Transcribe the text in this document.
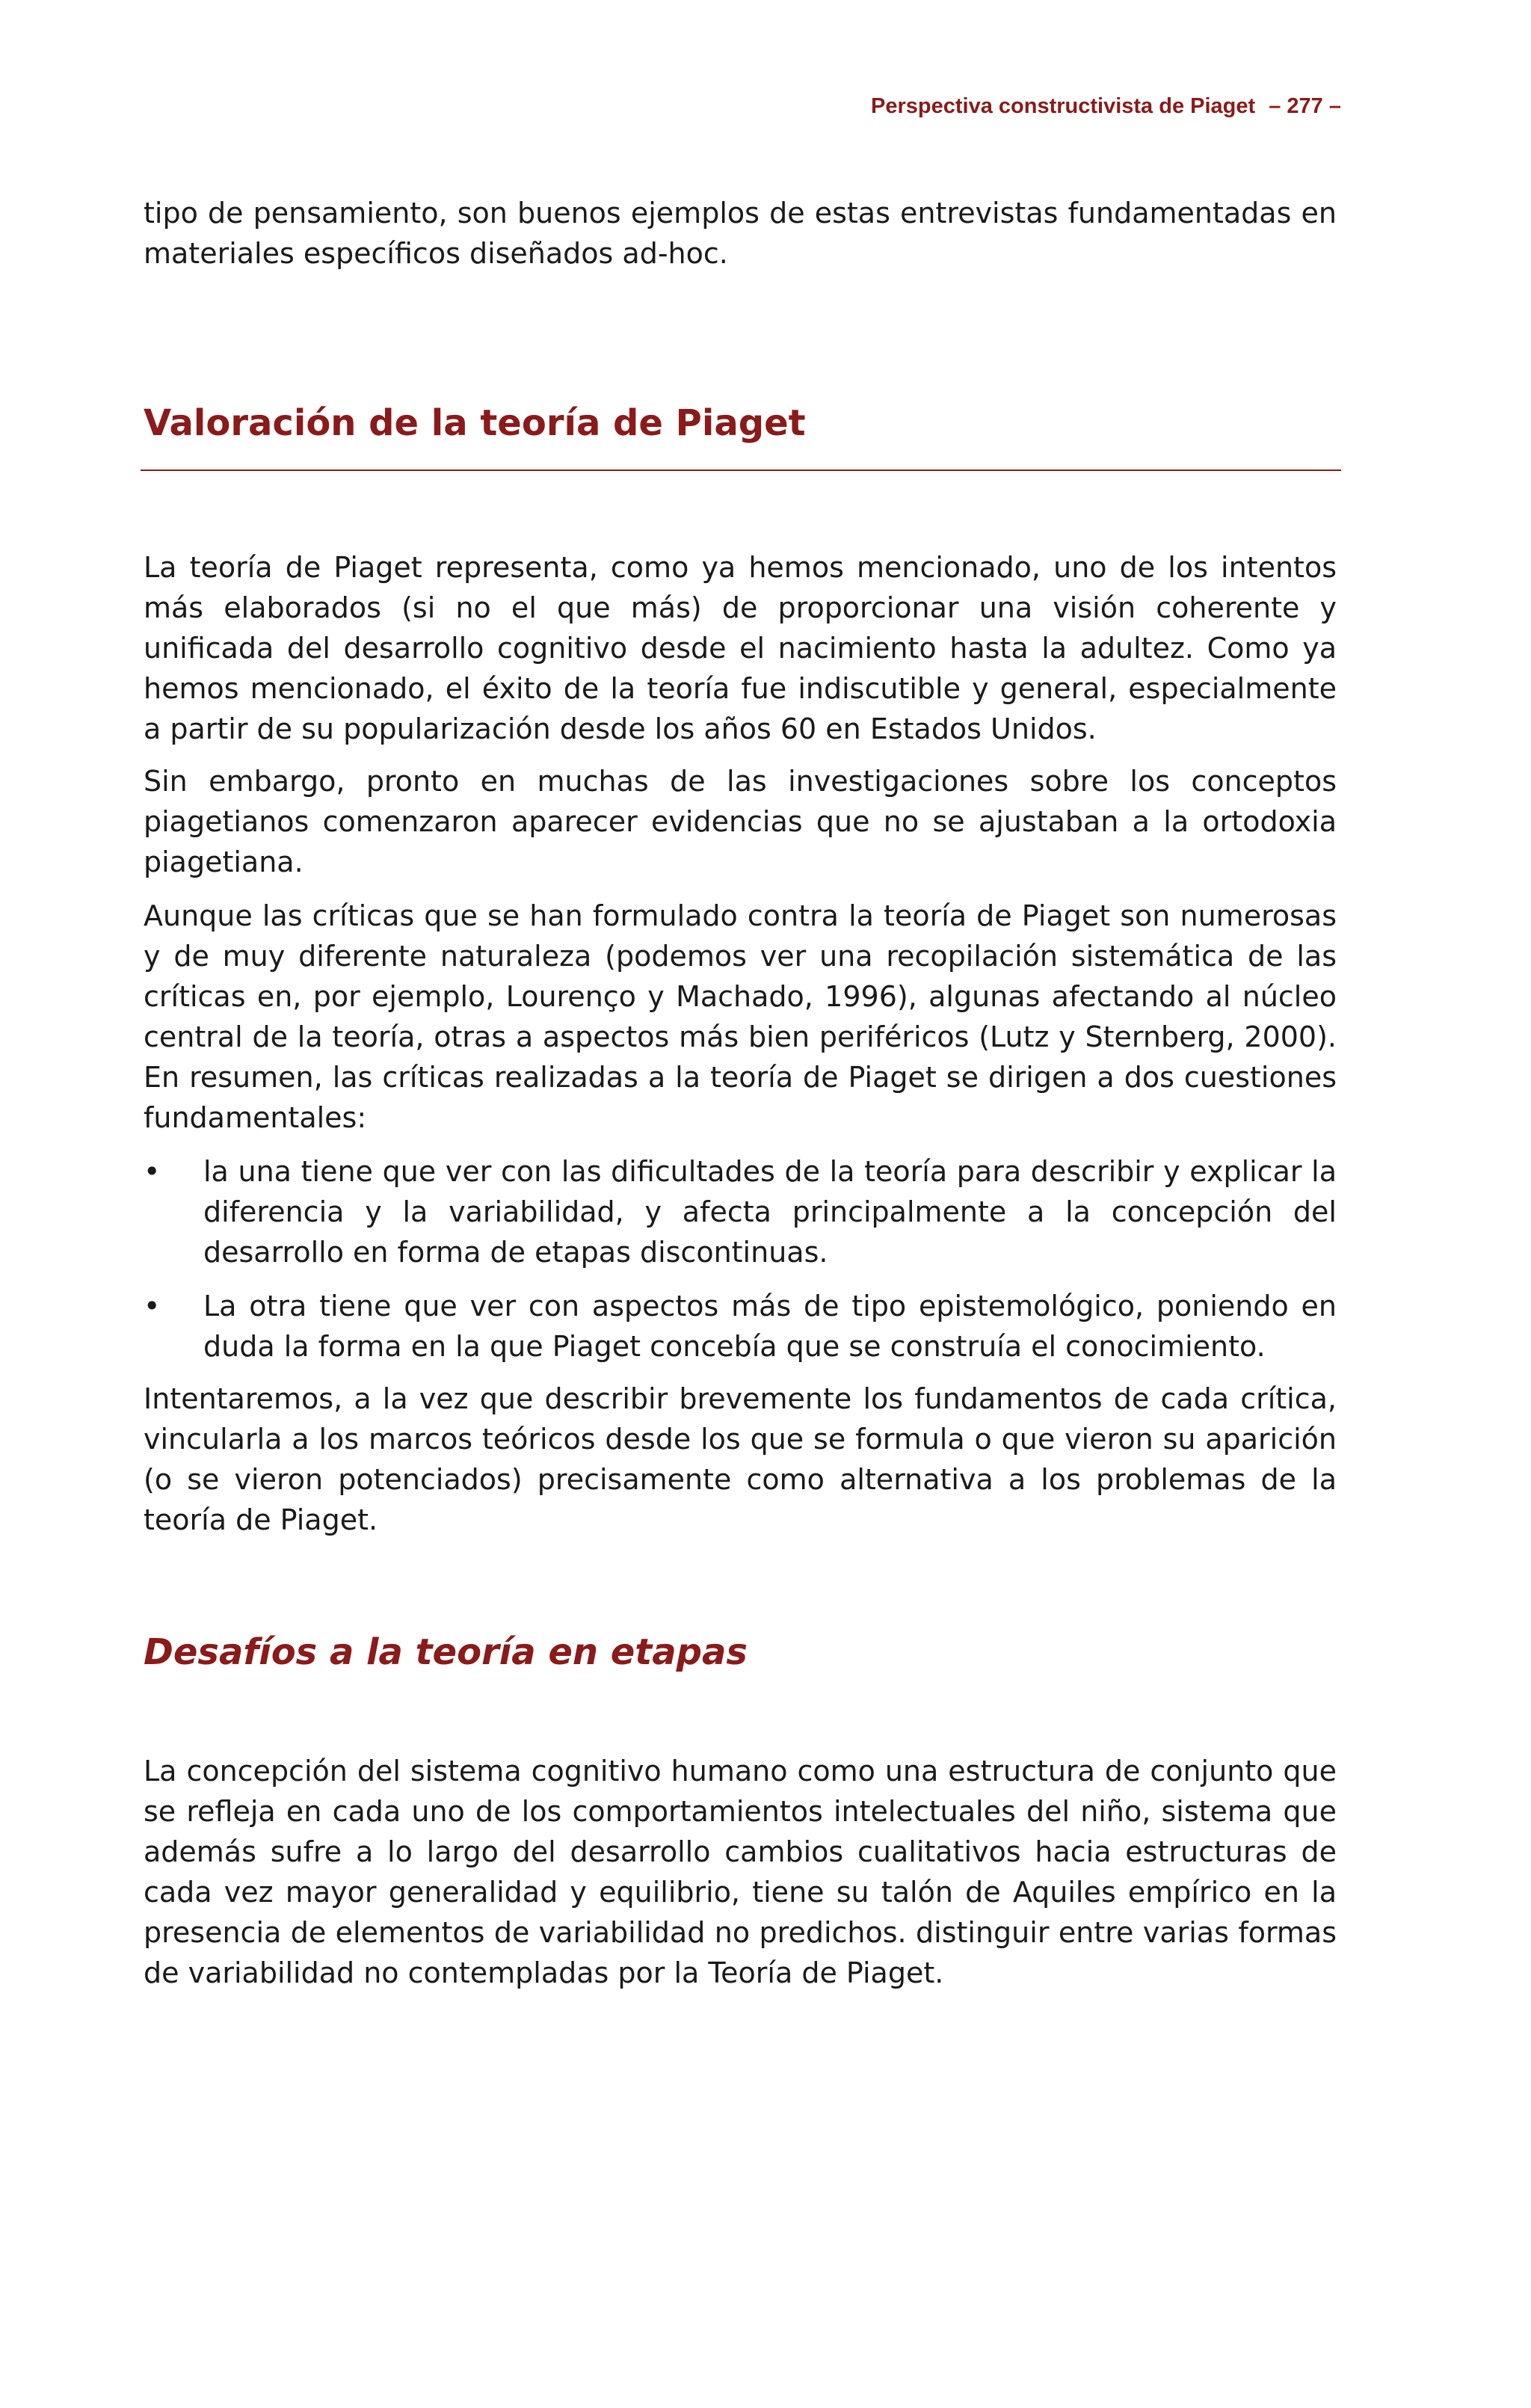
Perspectiva constructivista de Piaget – 277 –

tipo de pensamiento, son buenos ejemplos de estas entrevistas fundamentadas en materiales específicos diseñados ad-hoc.

Valoración de la teoría de Piaget

La teoría de Piaget representa, como ya hemos mencionado, uno de los intentos más elaborados (si no el que más) de proporcionar una visión coherente y unificada del desarrollo cognitivo desde el nacimiento hasta la adultez. Como ya hemos mencionado, el éxito de la teoría fue indiscutible y general, especialmente a partir de su popularización desde los años 60 en Estados Unidos.

Sin embargo, pronto en muchas de las investigaciones sobre los conceptos piagetianos comenzaron aparecer evidencias que no se ajustaban a la ortodoxia piagetiana.

Aunque las críticas que se han formulado contra la teoría de Piaget son numerosas y de muy diferente naturaleza (podemos ver una recopilación sistemática de las críticas en, por ejemplo, Lourenço y Machado, 1996), algunas afectando al núcleo central de la teoría, otras a aspectos más bien periféricos (Lutz y Sternberg, 2000). En resumen, las críticas realizadas a la teoría de Piaget se dirigen a dos cuestiones fundamentales:

• la una tiene que ver con las dificultades de la teoría para describir y explicar la diferencia y la variabilidad, y afecta principalmente a la concepción del desarrollo en forma de etapas discontinuas.
• La otra tiene que ver con aspectos más de tipo epistemológico, poniendo en duda la forma en la que Piaget concebía que se construía el conocimiento.

Intentaremos, a la vez que describir brevemente los fundamentos de cada crítica, vincularla a los marcos teóricos desde los que se formula o que vieron su aparición (o se vieron potenciados) precisamente como alternativa a los problemas de la teoría de Piaget.

Desafíos a la teoría en etapas

La concepción del sistema cognitivo humano como una estructura de conjunto que se refleja en cada uno de los comportamientos intelectuales del niño, sistema que además sufre a lo largo del desarrollo cambios cualitativos hacia estructuras de cada vez mayor generalidad y equilibrio, tiene su talón de Aquiles empírico en la presencia de elementos de variabilidad no predichos. distinguir entre varias formas de variabilidad no contempladas por la Teoría de Piaget.
